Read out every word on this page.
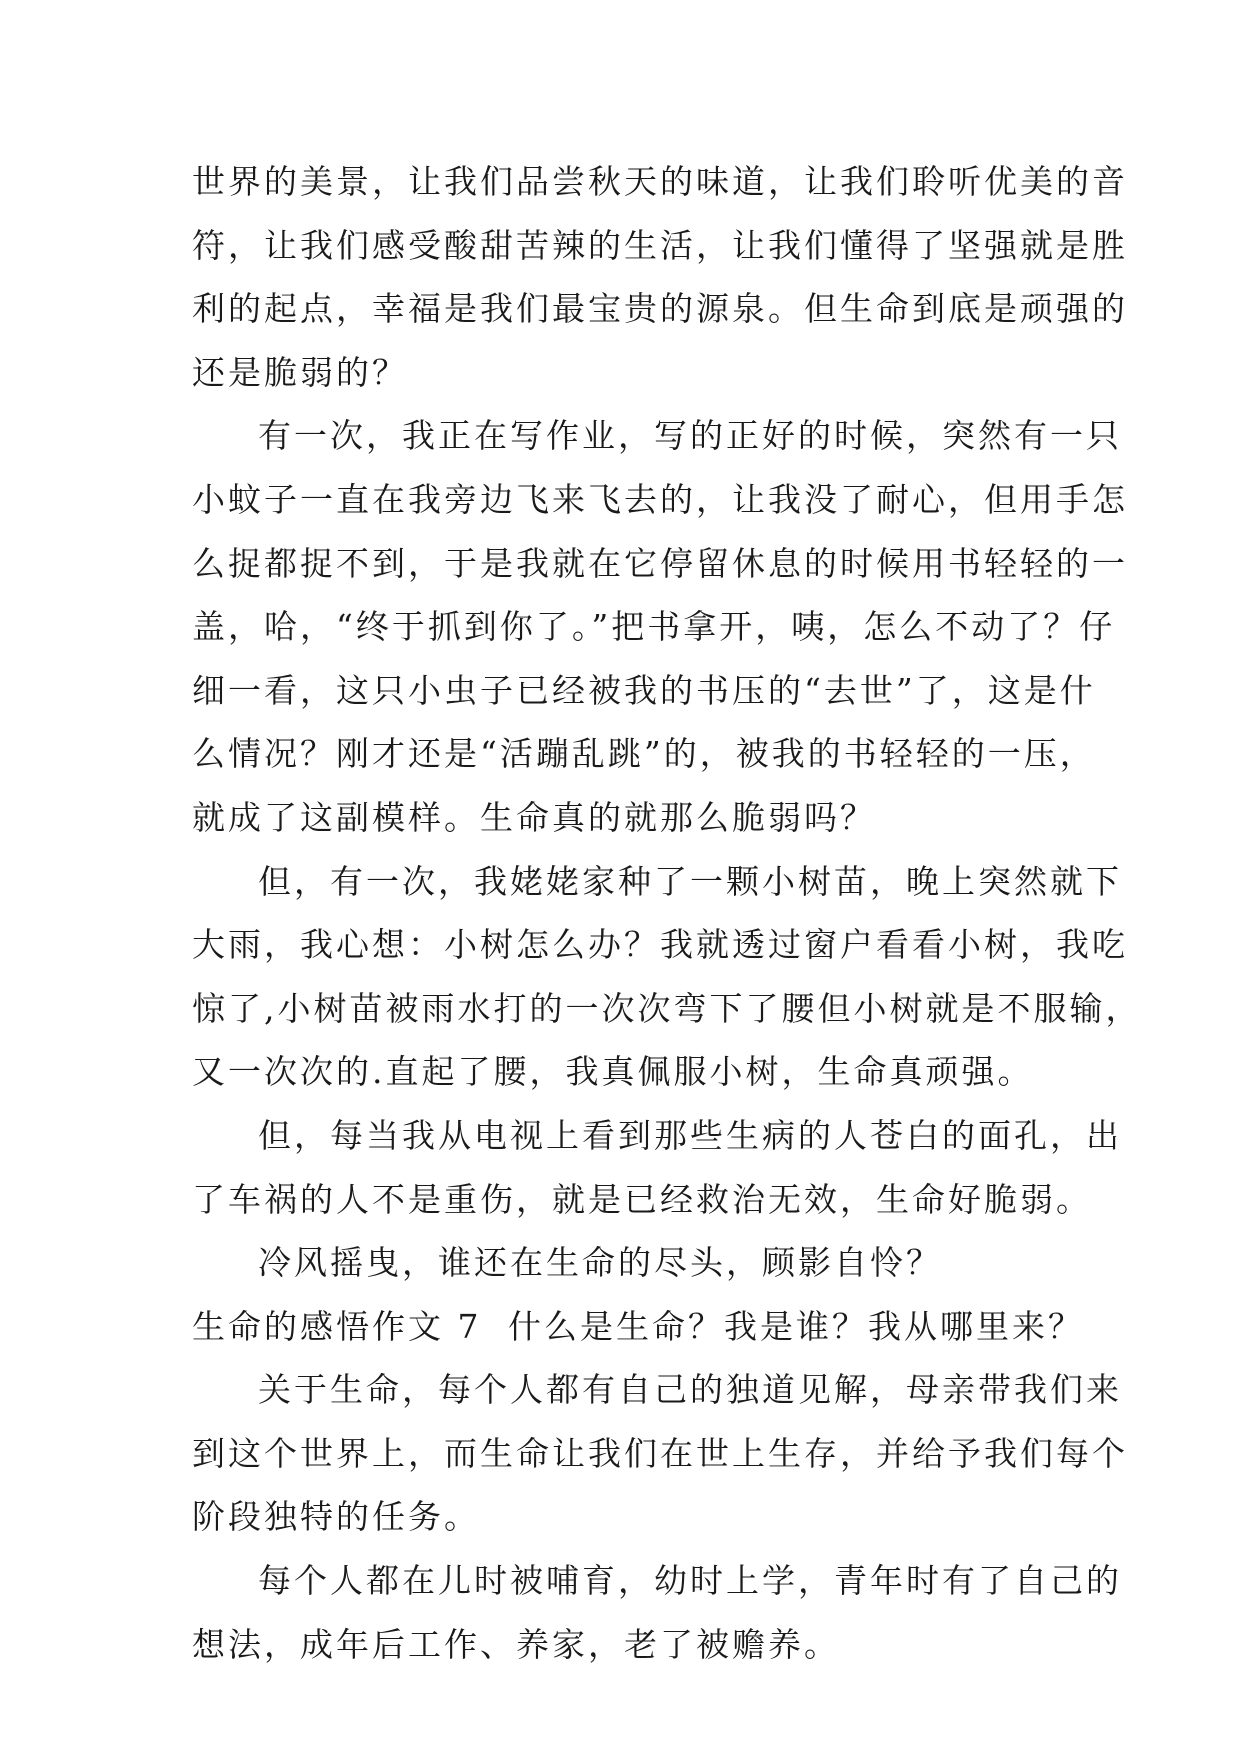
世界的美景，让我们品尝秋天的味道，让我们聆听优美的音
符，让我们感受酸甜苦辣的生活，让我们懂得了坚强就是胜
利的起点，幸福是我们最宝贵的源泉。但生命到底是顽强的
还是脆弱的？
有一次，我正在写作业，写的正好的时候，突然有一只
小蚊子一直在我旁边飞来飞去的，让我没了耐心，但用手怎
么捉都捉不到，于是我就在它停留休息的时候用书轻轻的一
盖，哈，“终于抓到你了。”把书拿开，咦，怎么不动了？仔
细一看，这只小虫子已经被我的书压的“去世”了，这是什
么情况？刚才还是“活蹦乱跳”的，被我的书轻轻的一压，
就成了这副模样。生命真的就那么脆弱吗？
但，有一次，我姥姥家种了一颗小树苗，晚上突然就下
大雨，我心想：小树怎么办？我就透过窗户看看小树，我吃
惊了,小树苗被雨水打的一次次弯下了腰但小树就是不服输，
又一次次的.直起了腰，我真佩服小树，生命真顽强。
但，每当我从电视上看到那些生病的人苍白的面孔，出
了车祸的人不是重伤，就是已经救治无效，生命好脆弱。
冷风摇曳，谁还在生命的尽头，顾影自怜？
生命的感悟作文 7 什么是生命？我是谁？我从哪里来？
关于生命，每个人都有自己的独道见解，母亲带我们来
到这个世界上，而生命让我们在世上生存，并给予我们每个
阶段独特的任务。
每个人都在儿时被哺育，幼时上学，青年时有了自己的
想法，成年后工作、养家，老了被赡养。
